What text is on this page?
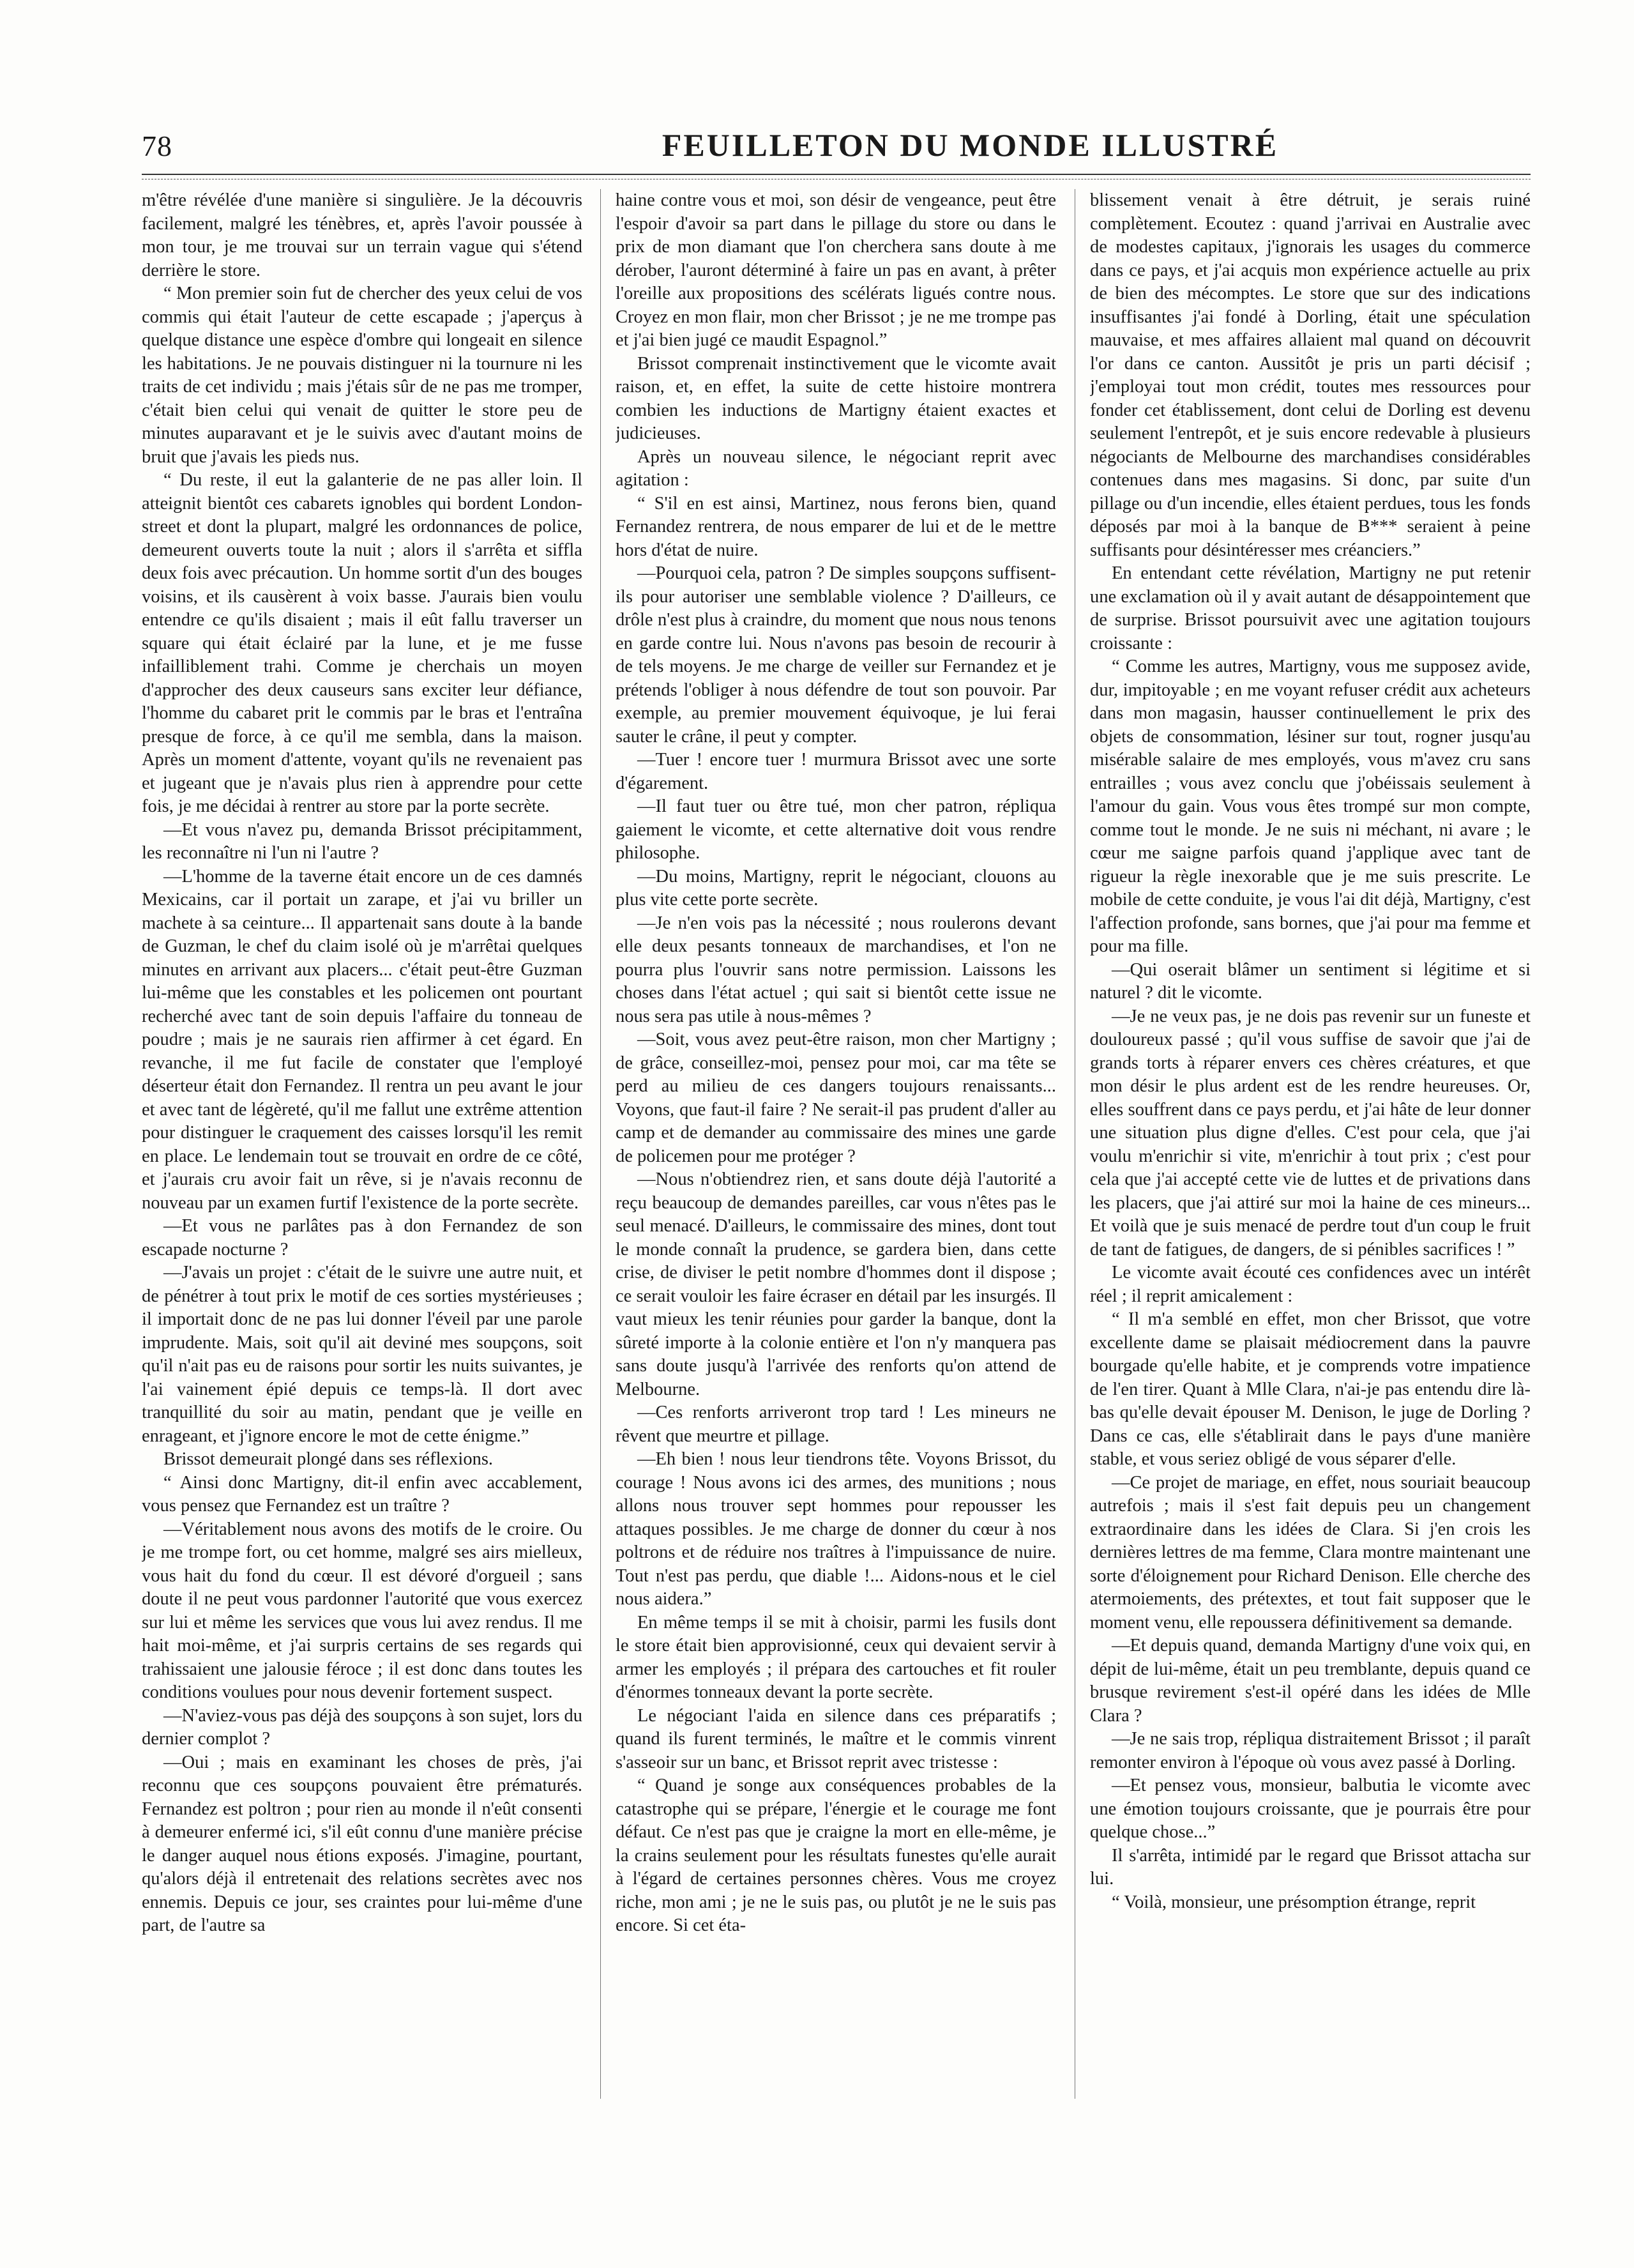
78	FEUILLETON DU MONDE ILLUSTRÉ

m'être révélée d'une manière si singulière. Je la découvris facilement, malgré les ténèbres, et, après l'avoir poussée à mon tour, je me trouvai sur un terrain vague qui s'étend derrière le store.

“ Mon premier soin fut de chercher des yeux celui de vos commis qui était l'auteur de cette escapade ; j'aperçus à quelque distance une espèce d'ombre qui longeait en silence les habitations. Je ne pouvais distinguer ni la tournure ni les traits de cet individu ; mais j'étais sûr de ne pas me tromper, c'était bien celui qui venait de quitter le store peu de minutes auparavant et je le suivis avec d'autant moins de bruit que j'avais les pieds nus.

“ Du reste, il eut la galanterie de ne pas aller loin. Il atteignit bientôt ces cabarets ignobles qui bordent London-street et dont la plupart, malgré les ordonnances de police, demeurent ouverts toute la nuit ; alors il s'arrêta et siffla deux fois avec précaution. Un homme sortit d'un des bouges voisins, et ils causèrent à voix basse. J'aurais bien voulu entendre ce qu'ils disaient ; mais il eût fallu traverser un square qui était éclairé par la lune, et je me fusse infailliblement trahi. Comme je cherchais un moyen d'approcher des deux causeurs sans exciter leur défiance, l'homme du cabaret prit le commis par le bras et l'entraîna presque de force, à ce qu'il me sembla, dans la maison. Après un moment d'attente, voyant qu'ils ne revenaient pas et jugeant que je n'avais plus rien à apprendre pour cette fois, je me décidai à rentrer au store par la porte secrète.

—Et vous n'avez pu, demanda Brissot précipitamment, les reconnaître ni l'un ni l'autre ?

—L'homme de la taverne était encore un de ces damnés Mexicains, car il portait un zarape, et j'ai vu briller un machete à sa ceinture... Il appartenait sans doute à la bande de Guzman, le chef du claim isolé où je m'arrêtai quelques minutes en arrivant aux placers... c'était peut-être Guzman lui-même que les constables et les policemen ont pourtant recherché avec tant de soin depuis l'affaire du tonneau de poudre ; mais je ne saurais rien affirmer à cet égard. En revanche, il me fut facile de constater que l'employé déserteur était don Fernandez. Il rentra un peu avant le jour et avec tant de légèreté, qu'il me fallut une extrême attention pour distinguer le craquement des caisses lorsqu'il les remit en place. Le lendemain tout se trouvait en ordre de ce côté, et j'aurais cru avoir fait un rêve, si je n'avais reconnu de nouveau par un examen furtif l'existence de la porte secrète.

—Et vous ne parlâtes pas à don Fernandez de son escapade nocturne ?

—J'avais un projet : c'était de le suivre une autre nuit, et de pénétrer à tout prix le motif de ces sorties mystérieuses ; il importait donc de ne pas lui donner l'éveil par une parole imprudente. Mais, soit qu'il ait deviné mes soupçons, soit qu'il n'ait pas eu de raisons pour sortir les nuits suivantes, je l'ai vainement épié depuis ce temps-là. Il dort avec tranquillité du soir au matin, pendant que je veille en enrageant, et j'ignore encore le mot de cette énigme.”

Brissot demeurait plongé dans ses réflexions.

“ Ainsi donc Martigny, dit-il enfin avec accablement, vous pensez que Fernandez est un traître ?

—Véritablement nous avons des motifs de le croire. Ou je me trompe fort, ou cet homme, malgré ses airs mielleux, vous hait du fond du cœur. Il est dévoré d'orgueil ; sans doute il ne peut vous pardonner l'autorité que vous exercez sur lui et même les services que vous lui avez rendus. Il me hait moi-même, et j'ai surpris certains de ses regards qui trahissaient une jalousie féroce ; il est donc dans toutes les conditions voulues pour nous devenir fortement suspect.

—N'aviez-vous pas déjà des soupçons à son sujet, lors du dernier complot ?

—Oui ; mais en examinant les choses de près, j'ai reconnu que ces soupçons pouvaient être prématurés. Fernandez est poltron ; pour rien au monde il n'eût consenti à demeurer enfermé ici, s'il eût connu d'une manière précise le danger auquel nous étions exposés. J'imagine, pourtant, qu'alors déjà il entretenait des relations secrètes avec nos ennemis. Depuis ce jour, ses craintes pour lui-même d'une part, de l'autre sa

haine contre vous et moi, son désir de vengeance, peut être l'espoir d'avoir sa part dans le pillage du store ou dans le prix de mon diamant que l'on cherchera sans doute à me dérober, l'auront déterminé à faire un pas en avant, à prêter l'oreille aux propositions des scélérats ligués contre nous. Croyez en mon flair, mon cher Brissot ; je ne me trompe pas et j'ai bien jugé ce maudit Espagnol.”

Brissot comprenait instinctivement que le vicomte avait raison, et, en effet, la suite de cette histoire montrera combien les inductions de Martigny étaient exactes et judicieuses.

Après un nouveau silence, le négociant reprit avec agitation :

“ S'il en est ainsi, Martinez, nous ferons bien, quand Fernandez rentrera, de nous emparer de lui et de le mettre hors d'état de nuire.

—Pourquoi cela, patron ? De simples soupçons suffisent-ils pour autoriser une semblable violence ? D'ailleurs, ce drôle n'est plus à craindre, du moment que nous nous tenons en garde contre lui. Nous n'avons pas besoin de recourir à de tels moyens. Je me charge de veiller sur Fernandez et je prétends l'obliger à nous défendre de tout son pouvoir. Par exemple, au premier mouvement équivoque, je lui ferai sauter le crâne, il peut y compter.

—Tuer ! encore tuer ! murmura Brissot avec une sorte d'égarement.

—Il faut tuer ou être tué, mon cher patron, répliqua gaiement le vicomte, et cette alternative doit vous rendre philosophe.

—Du moins, Martigny, reprit le négociant, clouons au plus vite cette porte secrète.

—Je n'en vois pas la nécessité ; nous roulerons devant elle deux pesants tonneaux de marchandises, et l'on ne pourra plus l'ouvrir sans notre permission. Laissons les choses dans l'état actuel ; qui sait si bientôt cette issue ne nous sera pas utile à nous-mêmes ?

—Soit, vous avez peut-être raison, mon cher Martigny ; de grâce, conseillez-moi, pensez pour moi, car ma tête se perd au milieu de ces dangers toujours renaissants... Voyons, que faut-il faire ? Ne serait-il pas prudent d'aller au camp et de demander au commissaire des mines une garde de policemen pour me protéger ?

—Nous n'obtiendrez rien, et sans doute déjà l'autorité a reçu beaucoup de demandes pareilles, car vous n'êtes pas le seul menacé. D'ailleurs, le commissaire des mines, dont tout le monde connaît la prudence, se gardera bien, dans cette crise, de diviser le petit nombre d'hommes dont il dispose ; ce serait vouloir les faire écraser en détail par les insurgés. Il vaut mieux les tenir réunies pour garder la banque, dont la sûreté importe à la colonie entière et l'on n'y manquera pas sans doute jusqu'à l'arrivée des renforts qu'on attend de Melbourne.

—Ces renforts arriveront trop tard ! Les mineurs ne rêvent que meurtre et pillage.

—Eh bien ! nous leur tiendrons tête. Voyons Brissot, du courage ! Nous avons ici des armes, des munitions ; nous allons nous trouver sept hommes pour repousser les attaques possibles. Je me charge de donner du cœur à nos poltrons et de réduire nos traîtres à l'impuissance de nuire. Tout n'est pas perdu, que diable !... Aidons-nous et le ciel nous aidera.”

En même temps il se mit à choisir, parmi les fusils dont le store était bien approvisionné, ceux qui devaient servir à armer les employés ; il prépara des cartouches et fit rouler d'énormes tonneaux devant la porte secrète.

Le négociant l'aida en silence dans ces préparatifs ; quand ils furent terminés, le maître et le commis vinrent s'asseoir sur un banc, et Brissot reprit avec tristesse :

“ Quand je songe aux conséquences probables de la catastrophe qui se prépare, l'énergie et le courage me font défaut. Ce n'est pas que je craigne la mort en elle-même, je la crains seulement pour les résultats funestes qu'elle aurait à l'égard de certaines personnes chères. Vous me croyez riche, mon ami ; je ne le suis pas, ou plutôt je ne le suis pas encore. Si cet éta-

blissement venait à être détruit, je serais ruiné complètement. Ecoutez : quand j'arrivai en Australie avec de modestes capitaux, j'ignorais les usages du commerce dans ce pays, et j'ai acquis mon expérience actuelle au prix de bien des mécomptes. Le store que sur des indications insuffisantes j'ai fondé à Dorling, était une spéculation mauvaise, et mes affaires allaient mal quand on découvrit l'or dans ce canton. Aussitôt je pris un parti décisif ; j'employai tout mon crédit, toutes mes ressources pour fonder cet établissement, dont celui de Dorling est devenu seulement l'entrepôt, et je suis encore redevable à plusieurs négociants de Melbourne des marchandises considérables contenues dans mes magasins. Si donc, par suite d'un pillage ou d'un incendie, elles étaient perdues, tous les fonds déposés par moi à la banque de B*** seraient à peine suffisants pour désintéresser mes créanciers.”

En entendant cette révélation, Martigny ne put retenir une exclamation où il y avait autant de désappointement que de surprise. Brissot poursuivit avec une agitation toujours croissante :

“ Comme les autres, Martigny, vous me supposez avide, dur, impitoyable ; en me voyant refuser crédit aux acheteurs dans mon magasin, hausser continuellement le prix des objets de consommation, lésiner sur tout, rogner jusqu'au misérable salaire de mes employés, vous m'avez cru sans entrailles ; vous avez conclu que j'obéissais seulement à l'amour du gain. Vous vous êtes trompé sur mon compte, comme tout le monde. Je ne suis ni méchant, ni avare ; le cœur me saigne parfois quand j'applique avec tant de rigueur la règle inexorable que je me suis prescrite. Le mobile de cette conduite, je vous l'ai dit déjà, Martigny, c'est l'affection profonde, sans bornes, que j'ai pour ma femme et pour ma fille.

—Qui oserait blâmer un sentiment si légitime et si naturel ? dit le vicomte.

—Je ne veux pas, je ne dois pas revenir sur un funeste et douloureux passé ; qu'il vous suffise de savoir que j'ai de grands torts à réparer envers ces chères créatures, et que mon désir le plus ardent est de les rendre heureuses. Or, elles souffrent dans ce pays perdu, et j'ai hâte de leur donner une situation plus digne d'elles. C'est pour cela, que j'ai voulu m'enrichir si vite, m'enrichir à tout prix ; c'est pour cela que j'ai accepté cette vie de luttes et de privations dans les placers, que j'ai attiré sur moi la haine de ces mineurs... Et voilà que je suis menacé de perdre tout d'un coup le fruit de tant de fatigues, de dangers, de si pénibles sacrifices ! ”

Le vicomte avait écouté ces confidences avec un intérêt réel ; il reprit amicalement :

“ Il m'a semblé en effet, mon cher Brissot, que votre excellente dame se plaisait médiocrement dans la pauvre bourgade qu'elle habite, et je comprends votre impatience de l'en tirer. Quant à Mlle Clara, n'ai-je pas entendu dire là-bas qu'elle devait épouser M. Denison, le juge de Dorling ? Dans ce cas, elle s'établirait dans le pays d'une manière stable, et vous seriez obligé de vous séparer d'elle.

—Ce projet de mariage, en effet, nous souriait beaucoup autrefois ; mais il s'est fait depuis peu un changement extraordinaire dans les idées de Clara. Si j'en crois les dernières lettres de ma femme, Clara montre maintenant une sorte d'éloignement pour Richard Denison. Elle cherche des atermoiements, des prétextes, et tout fait supposer que le moment venu, elle repoussera définitivement sa demande.

—Et depuis quand, demanda Martigny d'une voix qui, en dépit de lui-même, était un peu tremblante, depuis quand ce brusque revirement s'est-il opéré dans les idées de Mlle Clara ?

—Je ne sais trop, répliqua distraitement Brissot ; il paraît remonter environ à l'époque où vous avez passé à Dorling.

—Et pensez vous, monsieur, balbutia le vicomte avec une émotion toujours croissante, que je pourrais être pour quelque chose...”

Il s'arrêta, intimidé par le regard que Brissot attacha sur lui.

“ Voilà, monsieur, une présomption étrange, reprit
